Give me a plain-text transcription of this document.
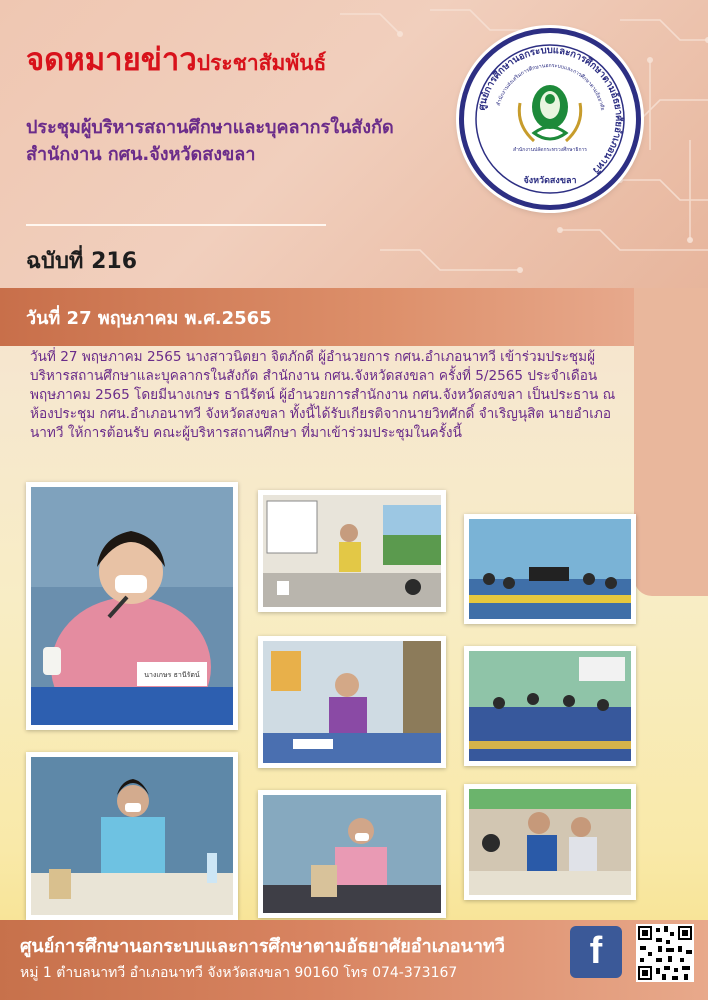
จดหมายข่าวประชาสัมพันธ์
ประชุมผู้บริหารสถานศึกษาและบุคลากรในสังกัด สำนักงาน กศน.จังหวัดสงขลา
ฉบับที่ 216
ศูนย์การศึกษานอกระบบและการศึกษาตามอัธยาศัยอำเภอนาทวี
สำนักงานส่งเสริมการศึกษานอกระบบและการศึกษาตามอัธยาศัย
สำนักงานปลัดกระทรวงศึกษาธิการ
จังหวัดสงขลา
วันที่ 27 พฤษภาคม พ.ศ.2565
วันที่ 27 พฤษภาคม 2565 นางสาวนิตยา จิตภักดี ผู้อำนวยการ กศน.อำเภอนาทวี เข้าร่วมประชุมผู้บริหารสถานศึกษาและบุคลากรในสังกัด สำนักงาน กศน.จังหวัดสงขลา ครั้งที่ 5/2565 ประจำเดือนพฤษภาคม 2565 โดยมีนางเกษร ธานีรัตน์ ผู้อำนวยการสำนักงาน กศน.จังหวัดสงขลา เป็นประธาน ณ ห้องประชุม กศน.อำเภอนาทวี จังหวัดสงขลา ทั้งนี้ได้รับเกียรติจากนายวิทศักดิ์ จำเริญนุสิต นายอำเภอนาทวี ให้การต้อนรับ คณะผู้บริหารสถานศึกษา ที่มาเข้าร่วมประชุมในครั้งนี้
นางเกษร ธานีรัตน์
ศูนย์การศึกษานอกระบบและการศึกษาตามอัธยาศัยอำเภอนาทวี
หมู่ 1 ตำบลนาทวี อำเภอนาทวี จังหวัดสงขลา 90160 โทร 074-373167
f
